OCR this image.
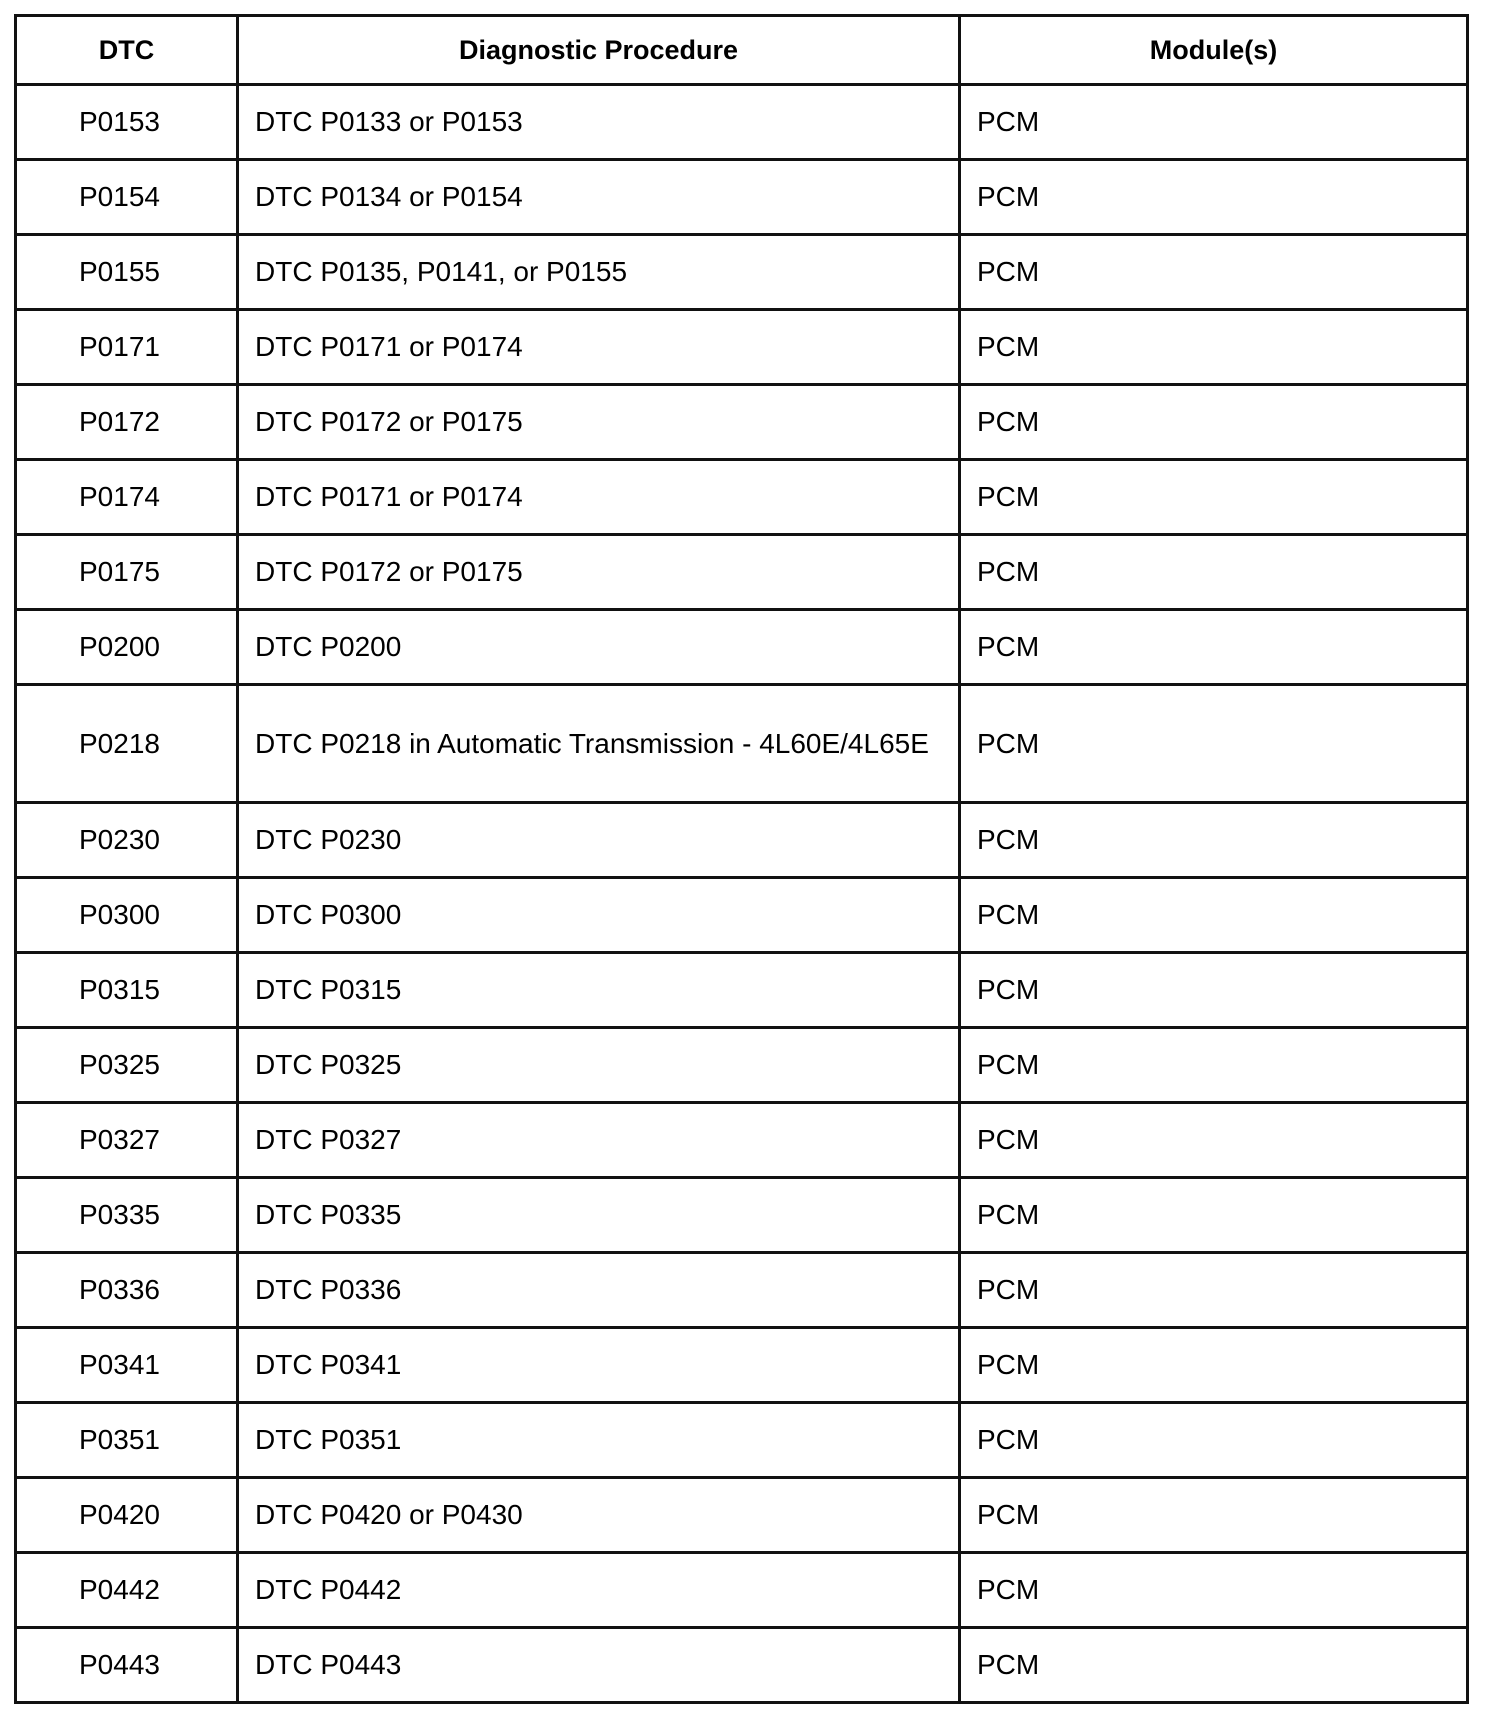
DTC	Diagnostic Procedure	Module(s)
P0153	DTC P0133 or P0153	PCM
P0154	DTC P0134 or P0154	PCM
P0155	DTC P0135, P0141, or P0155	PCM
P0171	DTC P0171 or P0174	PCM
P0172	DTC P0172 or P0175	PCM
P0174	DTC P0171 or P0174	PCM
P0175	DTC P0172 or P0175	PCM
P0200	DTC P0200	PCM
P0218	DTC P0218 in Automatic Transmission - 4L60E/4L65E	PCM
P0230	DTC P0230	PCM
P0300	DTC P0300	PCM
P0315	DTC P0315	PCM
P0325	DTC P0325	PCM
P0327	DTC P0327	PCM
P0335	DTC P0335	PCM
P0336	DTC P0336	PCM
P0341	DTC P0341	PCM
P0351	DTC P0351	PCM
P0420	DTC P0420 or P0430	PCM
P0442	DTC P0442	PCM
P0443	DTC P0443	PCM
